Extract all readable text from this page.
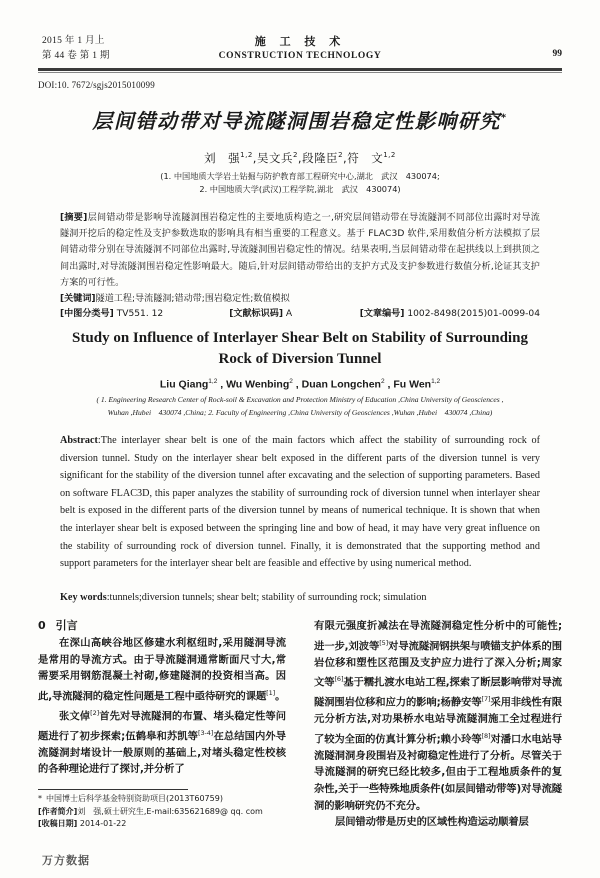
2015 年 1 月上
第 44 卷 第 1 期
施 工 技 术
CONSTRUCTION TECHNOLOGY	99
DOI:10. 7672/sgjs2015010099
层间错动带对导流隧洞围岩稳定性影响研究*
刘　强$^{1,2}$,吴文兵$^2$,段隆臣$^2$,符　文$^{1,2}$
(1. 中国地质大学岩土钻掘与防护教育部工程研究中心,湖北　武汉　430074;
2. 中国地质大学(武汉)工程学院,湖北　武汉　430074)
[摘要]层间错动带是影响导流隧洞围岩稳定性的主要地质构造之一,研究层间错动带在导流隧洞不同部位出露时对导流隧洞开挖后的稳定性及支护参数选取的影响具有相当重要的工程意义。基于 FLAC3D 软件,采用数值分析方法模拟了层间错动带分别在导流隧洞不同部位出露时,导流隧洞围岩稳定性的情况。结果表明,当层间错动带在起拱线以上到拱顶之间出露时,对导流隧洞围岩稳定性影响最大。随后,针对层间错动带给出的支护方式及支护参数进行数值分析,论证其支护方案的可行性。
[关键词]隧道工程;导流隧洞;错动带;围岩稳定性;数值模拟
[中图分类号] TV551. 12	[文献标识码] A	[文章编号] 1002-8498(2015)01-0099-04
Study on Influence of Interlayer Shear Belt on Stability of Surrounding
Rock of Diversion Tunnel
Liu Qiang$^{1,2}$ , Wu Wenbing$^2$ , Duan Longchen$^2$ , Fu Wen$^{1,2}$
( 1. Engineering Research Center of Rock-soil & Excavation and Protection Ministry of Education ,China University of Geosciences ,
Wuhan ,Hubei　430074 ,China; 2. Faculty of Engineering ,China University of Geosciences ,Wuhan ,Hubei　430074 ,China)
Abstract:The interlayer shear belt is one of the main factors which affect the stability of surrounding rock of diversion tunnel. Study on the interlayer shear belt exposed in the different parts of the diversion tunnel is very significant for the stability of the diversion tunnel after excavating and the selection of supporting parameters. Based on software FLAC3D, this paper analyzes the stability of surrounding rock of diversion tunnel when interlayer shear belt is exposed in the different parts of the diversion tunnel by means of numerical technique. It is shown that when the interlayer shear belt is exposed between the springing line and bow of head, it may have very great influence on the stability of surrounding rock of diversion tunnel. Finally, it is demonstrated that the supporting method and support parameters for the interlayer shear belt are feasible and effective by using numerical method.
Key words:tunnels;diversion tunnels; shear belt; stability of surrounding rock; simulation
0 引言
在深山高峡谷地区修建水利枢纽时,采用隧洞导流是常用的导流方式。由于导流隧洞通常断面尺寸大,常需要采用钢筋混凝土衬砌,修建隧洞的投资相当高。因此,导流隧洞的稳定性问题是工程中亟待研究的课题[1]。
张文倬[2]首先对导流隧洞的布置、堵头稳定性等问题进行了初步探索;伍鹤皋和苏凯等[3-4]在总结国内外导流隧洞封堵设计一般原则的基础上,对堵头稳定性校核的各种理论进行了探讨,并分析了
有限元强度折减法在导流隧洞稳定性分析中的可能性;进一步,刘波等[5]对导流隧洞钢拱架与喷锚支护体系的围岩位移和塑性区范围及支护应力进行了深入分析;周家文等[6]基于糯扎渡水电站工程,探索了断层影响带对导流隧洞围岩位移和应力的影响;杨静安等[7]采用非线性有限元分析方法,对功果桥水电站导流隧洞施工全过程进行了较为全面的仿真计算分析;赖小玲等[8]对潘口水电站导流隧洞洞身段围岩及衬砌稳定性进行了分析。尽管关于导流隧洞的研究已经比较多,但由于工程地质条件的复杂性,关于一些特殊地质条件(如层间错动带等)对导流隧洞的影响研究仍不充分。
层间错动带是历史的区域性构造运动顺着层
* 中国博士后科学基金特别资助项目(2013T60759)
[作者简介]刘　强,硕士研究生,E-mail:635621689@ qq. com
[收稿日期] 2014-01-22
万方数据
